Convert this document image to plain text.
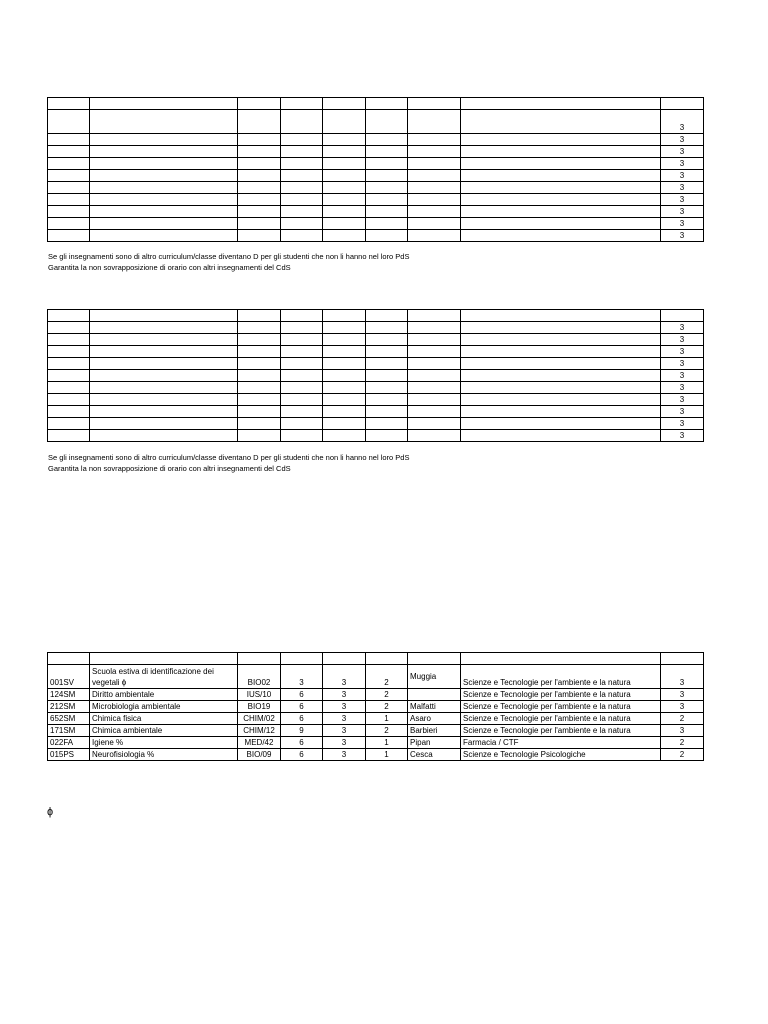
								3
								3
								3
								3
								3
								3
								3
								3
								3
								3
Se gli insegnamenti sono di altro curriculum/classe diventano D per gli studenti che non li hanno nel loro PdS
Garantita la non sovrapposizione di orario con altri insegnamenti del CdS

								3
								3
								3
								3
								3
								3
								3
								3
								3
								3
Se gli insegnamenti sono di altro curriculum/classe diventano D per gli studenti che non li hanno nel loro PdS
Garantita la non sovrapposizione di orario con altri insegnamenti del CdS

001SV	Scuola estiva di identificazione dei vegetali ɸ	BIO02	3	3	2	Muggia	Scienze e Tecnologie per l'ambiente e la natura	3
124SM	Diritto ambientale	IUS/10	6	3	2		Scienze e Tecnologie per l'ambiente e la natura	3
212SM	Microbiologia ambientale	BIO19	6	3	2	Malfatti	Scienze e Tecnologie per l'ambiente e la natura	3
652SM	Chimica fisica	CHIM/02	6	3	1	Asaro	Scienze e Tecnologie per l'ambiente e la natura	2
171SM	Chimica ambientale	CHIM/12	9	3	2	Barbieri	Scienze e Tecnologie per l'ambiente e la natura	3
022FA	Igiene %	MED/42	6	3	1	Pipan	Farmacia / CTF	2
015PS	Neurofisiologia %	BIO/09	6	3	1	Cesca	Scienze e Tecnologie Psicologiche	2
ɸ
